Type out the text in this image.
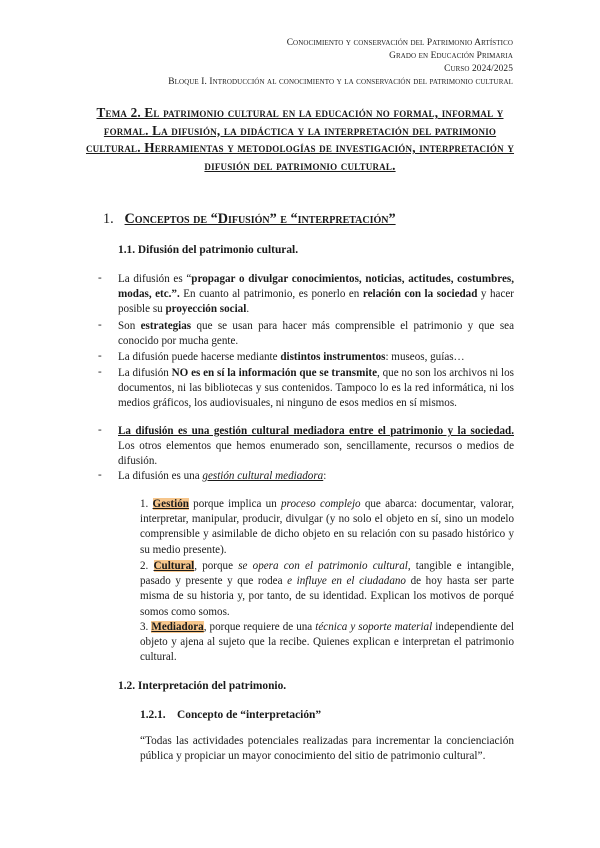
Conocimiento y conservación del Patrimonio Artístico
Grado en Educación Primaria
Curso 2024/2025
Bloque I. Introducción al conocimiento y la conservación del patrimonio cultural
Tema 2. El patrimonio cultural en la educación no formal, informal y formal. La difusión, la didáctica y la interpretación del patrimonio cultural. Herramientas y metodologías de investigación, interpretación y difusión del patrimonio cultural.
1. Conceptos de “Difusión” e “interpretación”
1.1. Difusión del patrimonio cultural.
- La difusión es “propagar o divulgar conocimientos, noticias, actitudes, costumbres, modas, etc.”. En cuanto al patrimonio, es ponerlo en relación con la sociedad y hacer posible su proyección social.
- Son estrategias que se usan para hacer más comprensible el patrimonio y que sea conocido por mucha gente.
- La difusión puede hacerse mediante distintos instrumentos: museos, guías…
- La difusión NO es en sí la información que se transmite, que no son los archivos ni los documentos, ni las bibliotecas y sus contenidos. Tampoco lo es la red informática, ni los medios gráficos, los audiovisuales, ni ninguno de esos medios en sí mismos.
- La difusión es una gestión cultural mediadora entre el patrimonio y la sociedad. Los otros elementos que hemos enumerado son, sencillamente, recursos o medios de difusión.
- La difusión es una gestión cultural mediadora:
1. Gestión porque implica un proceso complejo que abarca: documentar, valorar, interpretar, manipular, producir, divulgar (y no solo el objeto en sí, sino un modelo comprensible y asimilable de dicho objeto en su relación con su pasado histórico y su medio presente).
2. Cultural, porque se opera con el patrimonio cultural, tangible e intangible, pasado y presente y que rodea e influye en el ciudadano de hoy hasta ser parte misma de su historia y, por tanto, de su identidad. Explican los motivos de porqué somos como somos.
3. Mediadora, porque requiere de una técnica y soporte material independiente del objeto y ajena al sujeto que la recibe. Quienes explican e interpretan el patrimonio cultural.
1.2. Interpretación del patrimonio.
1.2.1.    Concepto de “interpretación”
“Todas las actividades potenciales realizadas para incrementar la concienciación pública y propiciar un mayor conocimiento del sitio de patrimonio cultural”.
